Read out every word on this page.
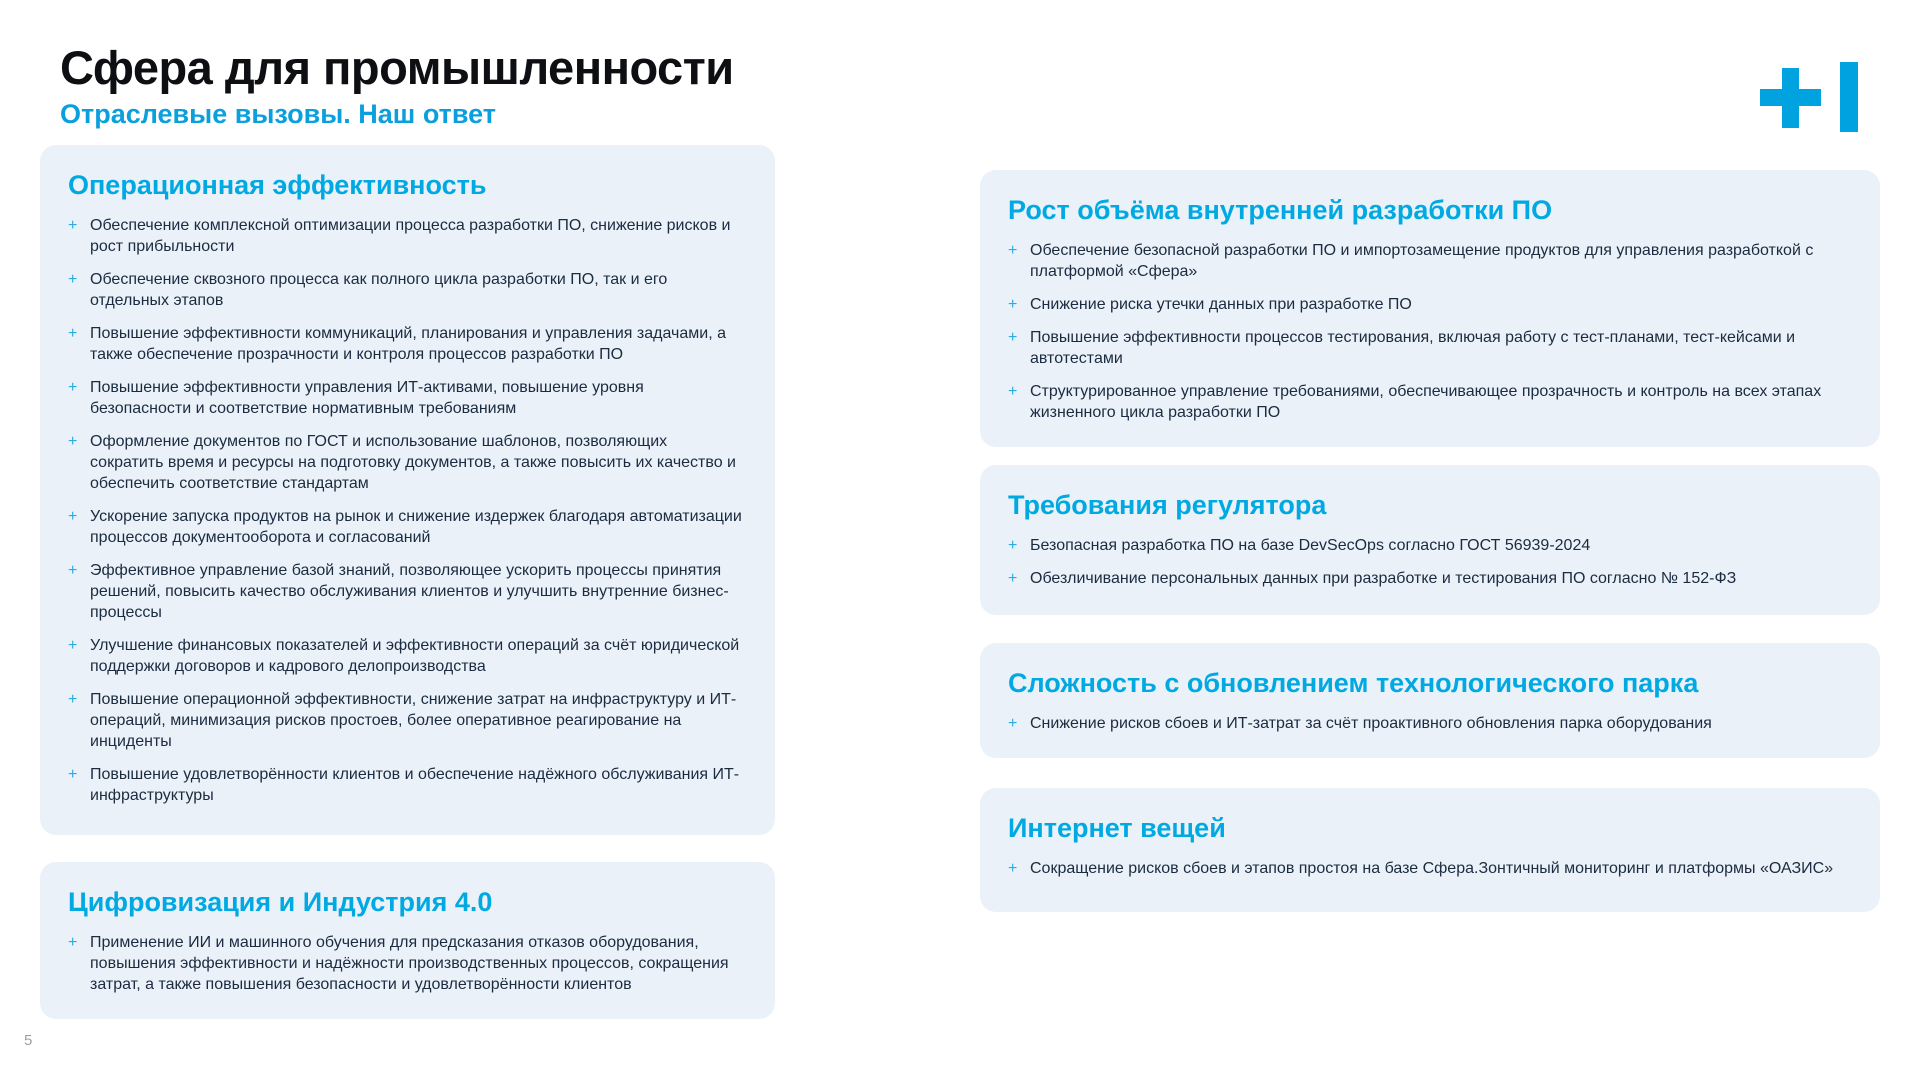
Сфера для промышленности
Отраслевые вызовы. Наш ответ
Операционная эффективность
+ Обеспечение комплексной оптимизации процесса разработки ПО, снижение рисков и рост прибыльности
+ Обеспечение сквозного процесса как полного цикла разработки ПО, так и его отдельных этапов
+ Повышение эффективности коммуникаций, планирования и управления задачами, а также обеспечение прозрачности и контроля процессов разработки ПО
+ Повышение эффективности управления ИТ-активами, повышение уровня безопасности и соответствие нормативным требованиям
+ Оформление документов по ГОСТ и использование шаблонов, позволяющих сократить время и ресурсы на подготовку документов, а также повысить их качество и обеспечить соответствие стандартам
+ Ускорение запуска продуктов на рынок и снижение издержек благодаря автоматизации процессов документооборота и согласований
+ Эффективное управление базой знаний, позволяющее ускорить процессы принятия решений, повысить качество обслуживания клиентов и улучшить внутренние бизнес-процессы
+ Улучшение финансовых показателей и эффективности операций за счёт юридической поддержки договоров и кадрового делопроизводства
+ Повышение операционной эффективности, снижение затрат на инфраструктуру и ИТ-операций, минимизация рисков простоев, более оперативное реагирование на инциденты
+ Повышение удовлетворённости клиентов и обеспечение надёжного обслуживания ИТ-инфраструктуры
Цифровизация и Индустрия 4.0
+ Применение ИИ и машинного обучения для предсказания отказов оборудования, повышения эффективности и надёжности производственных процессов, сокращения затрат, а также повышения безопасности и удовлетворённости клиентов
Рост объёма внутренней разработки ПО
+ Обеспечение безопасной разработки ПО и импортозамещение продуктов для управления разработкой с платформой «Сфера»
+ Снижение риска утечки данных при разработке ПО
+ Повышение эффективности процессов тестирования, включая работу с тест-планами, тест-кейсами и автотестами
+ Структурированное управление требованиями, обеспечивающее прозрачность и контроль на всех этапах жизненного цикла разработки ПО
Требования регулятора
+ Безопасная разработка ПО на базе DevSecOps согласно ГОСТ 56939-2024
+ Обезличивание персональных данных при разработке и тестирования ПО согласно № 152-ФЗ
Сложность с обновлением технологического парка
+ Снижение рисков сбоев и ИТ-затрат за счёт проактивного обновления парка оборудования
Интернет вещей
+ Сокращение рисков сбоев и этапов простоя на базе Сфера.Зонтичный мониторинг и платформы «ОАЗИС»
5
